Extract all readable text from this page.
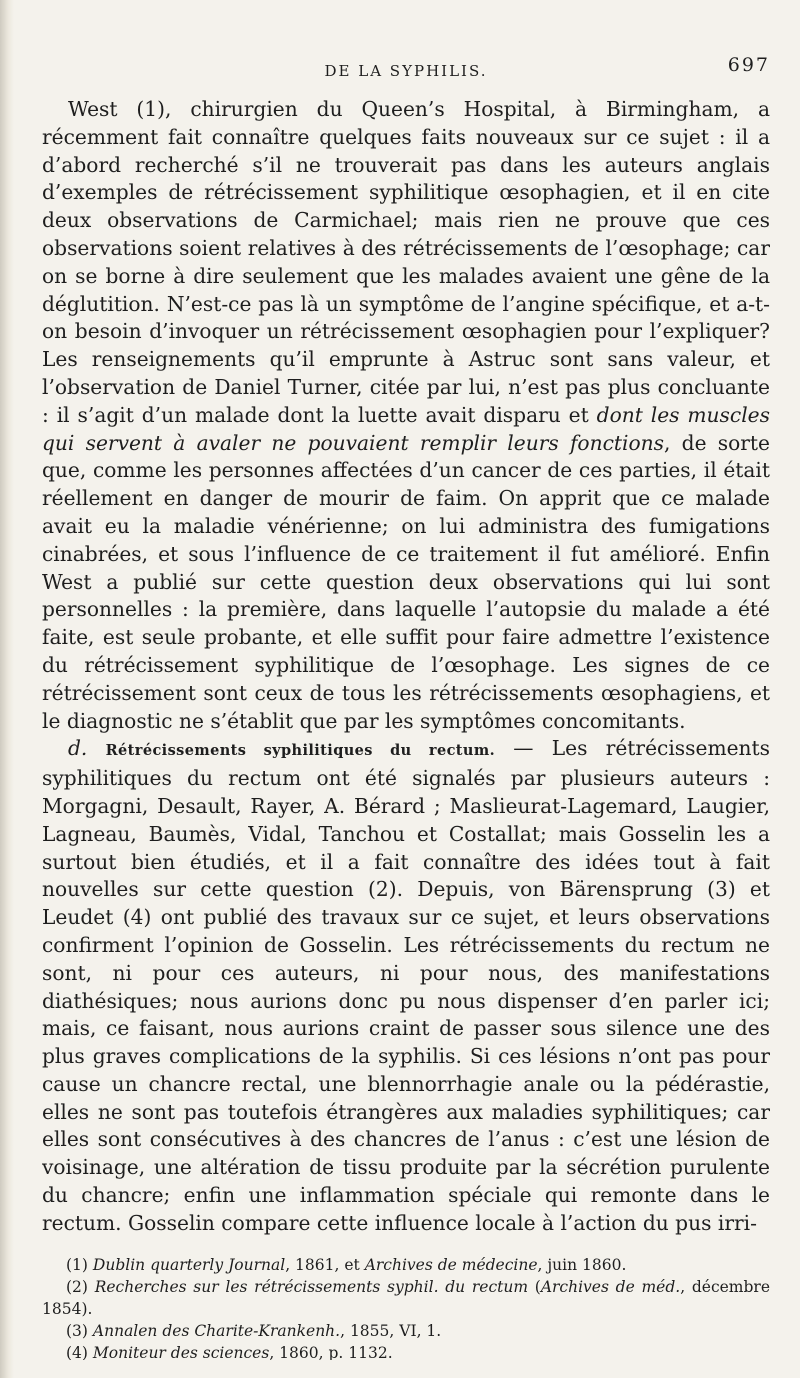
DE LA SYPHILIS.	697

West (1), chirurgien du Queen’s Hospital, à Birmingham, a récemment fait connaître quelques faits nouveaux sur ce sujet : il a d’abord recherché s’il ne trouverait pas dans les auteurs anglais d’exemples de rétrécissement syphilitique œsophagien, et il en cite deux observations de Carmichael; mais rien ne prouve que ces observations soient relatives à des rétrécissements de l’œsophage; car on se borne à dire seulement que les malades avaient une gêne de la déglutition. N’est-ce pas là un symptôme de l’angine spécifique, et a-t-on besoin d’invoquer un rétrécissement œsophagien pour l’expliquer? Les renseignements qu’il emprunte à Astruc sont sans valeur, et l’observation de Daniel Turner, citée par lui, n’est pas plus concluante : il s’agit d’un malade dont la luette avait disparu et dont les muscles qui servent à avaler ne pouvaient remplir leurs fonctions, de sorte que, comme les personnes affectées d’un cancer de ces parties, il était réellement en danger de mourir de faim. On apprit que ce malade avait eu la maladie vénérienne; on lui administra des fumigations cinabrées, et sous l’influence de ce traitement il fut amélioré. Enfin West a publié sur cette question deux observations qui lui sont personnelles : la première, dans laquelle l’autopsie du malade a été faite, est seule probante, et elle suffit pour faire admettre l’existence du rétrécissement syphilitique de l’œsophage. Les signes de ce rétrécissement sont ceux de tous les rétrécissements œsophagiens, et le diagnostic ne s’établit que par les symptômes concomitants.

d. Rétrécissements syphilitiques du rectum. — Les rétrécissements syphilitiques du rectum ont été signalés par plusieurs auteurs : Morgagni, Desault, Rayer, A. Bérard ; Maslieurat-Lagemard, Laugier, Lagneau, Baumès, Vidal, Tanchou et Costallat; mais Gosselin les a surtout bien étudiés, et il a fait connaître des idées tout à fait nouvelles sur cette question (2). Depuis, von Bärensprung (3) et Leudet (4) ont publié des travaux sur ce sujet, et leurs observations confirment l’opinion de Gosselin. Les rétrécissements du rectum ne sont, ni pour ces auteurs, ni pour nous, des manifestations diathésiques; nous aurions donc pu nous dispenser d’en parler ici; mais, ce faisant, nous aurions craint de passer sous silence une des plus graves complications de la syphilis. Si ces lésions n’ont pas pour cause un chancre rectal, une blennorrhagie anale ou la pédérastie, elles ne sont pas toutefois étrangères aux maladies syphilitiques; car elles sont consécutives à des chancres de l’anus : c’est une lésion de voisinage, une altération de tissu produite par la sécrétion purulente du chancre; enfin une inflammation spéciale qui remonte dans le rectum. Gosselin compare cette influence locale à l’action du pus irri-

(1) Dublin quarterly Journal, 1861, et Archives de médecine, juin 1860.

(2) Recherches sur les rétrécissements syphil. du rectum (Archives de méd., décembre 1854).

(3) Annalen des Charite-Krankenh., 1855, VI, 1.

(4) Moniteur des sciences, 1860, p. 1132.
